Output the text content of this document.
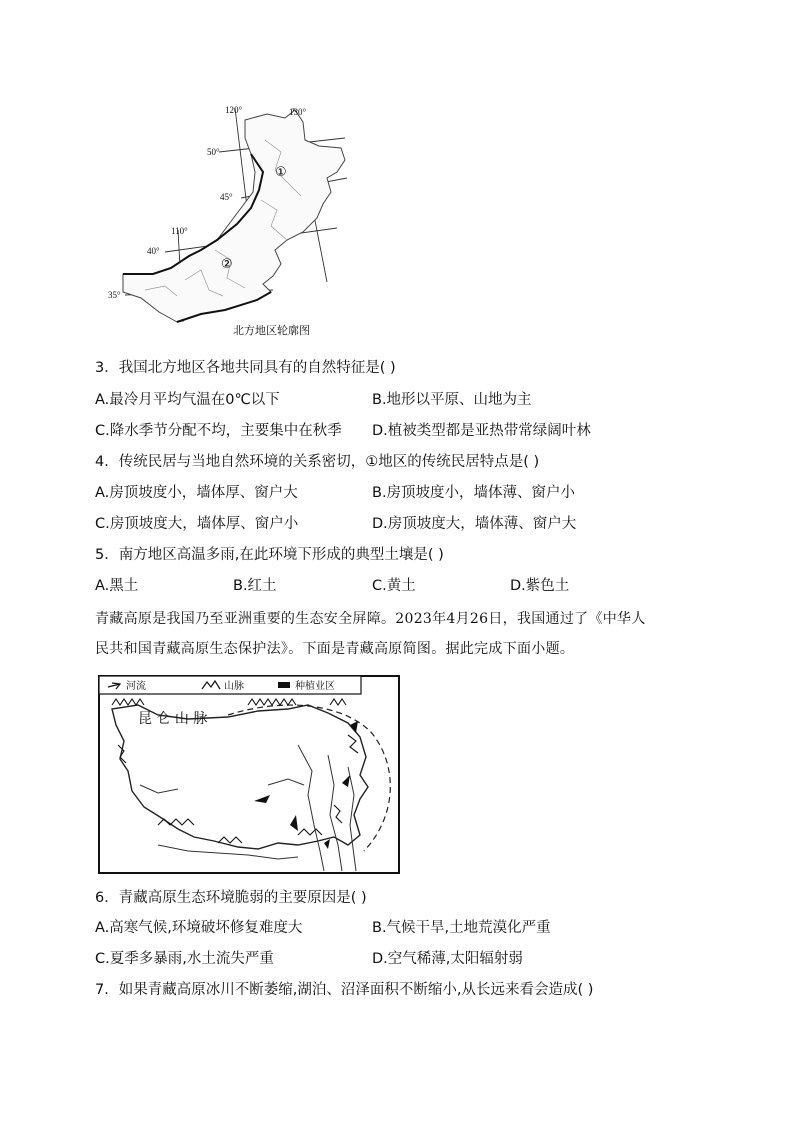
120°	130°
110°
50°
45°
40°
35°
①
②
北方地区轮廓图
3．我国北方地区各地共同具有的自然特征是( )
A.最冷月平均气温在0℃以下	B.地形以平原、山地为主
C.降水季节分配不均，主要集中在秋季 D.植被类型都是亚热带常绿阔叶林
4．传统民居与当地自然环境的关系密切，①地区的传统民居特点是( )
A.房顶坡度小，墙体厚、窗户大	B.房顶坡度小，墙体薄、窗户小
C.房顶坡度大，墙体厚、窗户小	D.房顶坡度大，墙体薄、窗户大
5．南方地区高温多雨,在此环境下形成的典型土壤是( )
A.黑土	B.红土	C.黄土	D.紫色土
青藏高原是我国乃至亚洲重要的生态安全屏障。2023年4月26日，我国通过了《中华人
民共和国青藏高原生态保护法》。下面是青藏高原简图。据此完成下面小题。
河流	山脉	种植业区
昆 仑 山 脉
6．青藏高原生态环境脆弱的主要原因是( )
A.高寒气候,环境破坏修复难度大	B.气候干旱,土地荒漠化严重
C.夏季多暴雨,水土流失严重	D.空气稀薄,太阳辐射弱
7．如果青藏高原冰川不断萎缩,湖泊、沼泽面积不断缩小,从长远来看会造成( )
